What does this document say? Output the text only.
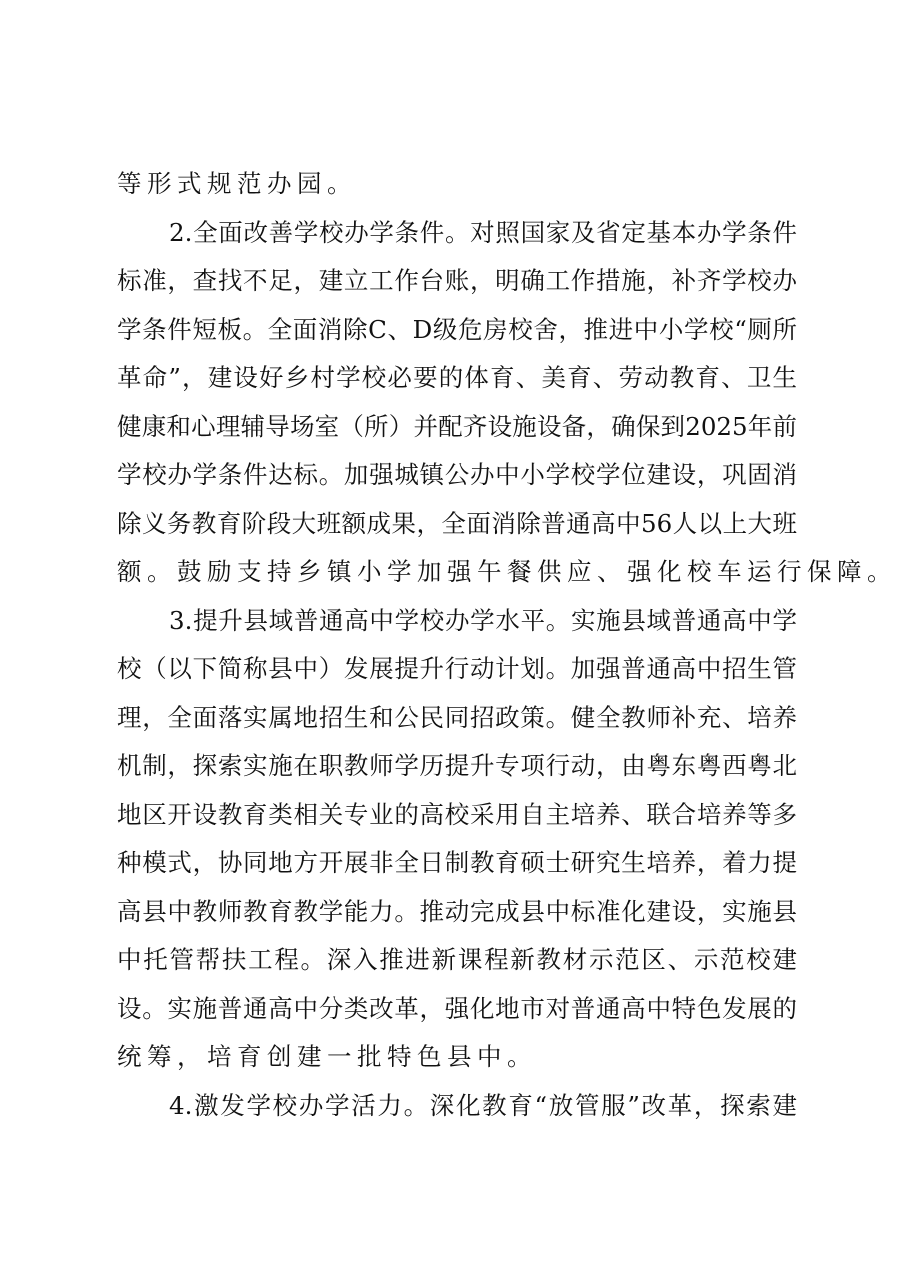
等形式规范办园。
2.全面改善学校办学条件。对照国家及省定基本办学条件
标准，查找不足，建立工作台账，明确工作措施，补齐学校办
学条件短板。全面消除C、D级危房校舍，推进中小学校“厕所
革命”，建设好乡村学校必要的体育、美育、劳动教育、卫生
健康和心理辅导场室（所）并配齐设施设备，确保到2025年前
学校办学条件达标。加强城镇公办中小学校学位建设，巩固消
除义务教育阶段大班额成果，全面消除普通高中56人以上大班
额。鼓励支持乡镇小学加强午餐供应、强化校车运行保障。
3.提升县域普通高中学校办学水平。实施县域普通高中学
校（以下简称县中）发展提升行动计划。加强普通高中招生管
理，全面落实属地招生和公民同招政策。健全教师补充、培养
机制，探索实施在职教师学历提升专项行动，由粤东粤西粤北
地区开设教育类相关专业的高校采用自主培养、联合培养等多
种模式，协同地方开展非全日制教育硕士研究生培养，着力提
高县中教师教育教学能力。推动完成县中标准化建设，实施县
中托管帮扶工程。深入推进新课程新教材示范区、示范校建
设。实施普通高中分类改革，强化地市对普通高中特色发展的
统筹，培育创建一批特色县中。
4.激发学校办学活力。深化教育“放管服”改革，探索建
